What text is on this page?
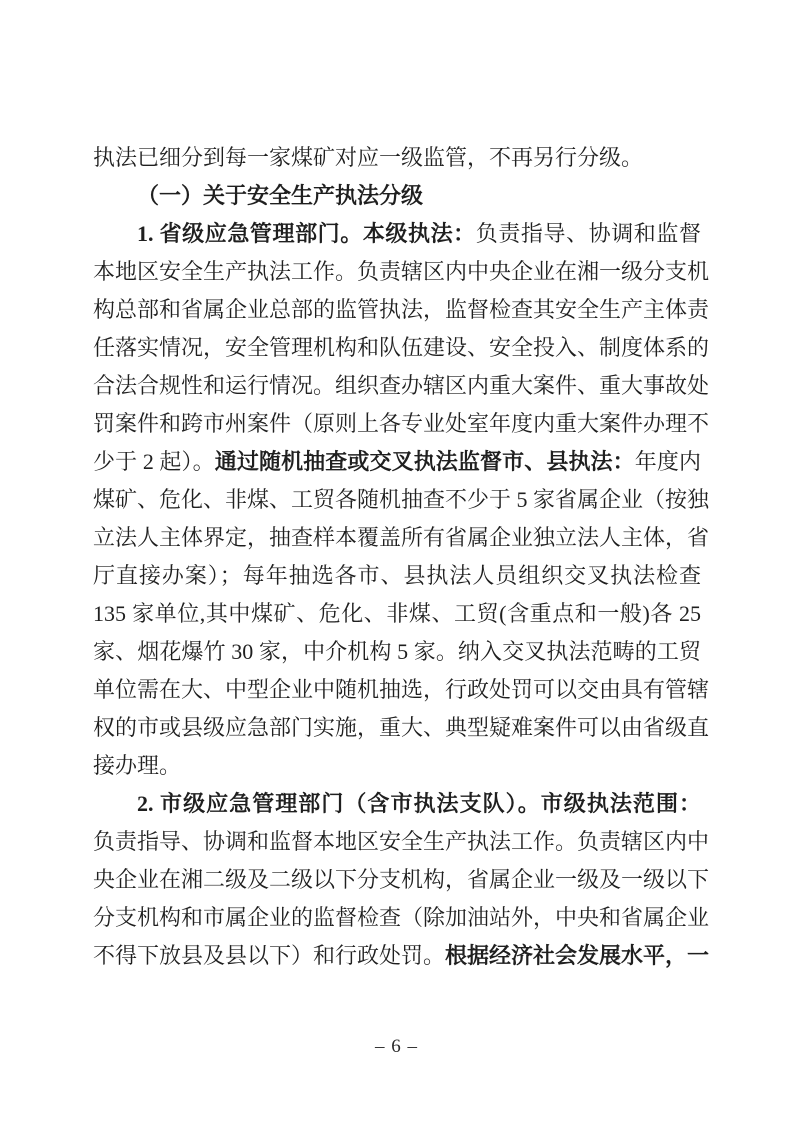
执法已细分到每一家煤矿对应一级监管，不再另行分级。
（一）关于安全生产执法分级
1. 省级应急管理部门。本级执法：负责指导、协调和监督
本地区安全生产执法工作。负责辖区内中央企业在湘一级分支机
构总部和省属企业总部的监管执法，监督检查其安全生产主体责
任落实情况，安全管理机构和队伍建设、安全投入、制度体系的
合法合规性和运行情况。组织查办辖区内重大案件、重大事故处
罚案件和跨市州案件（原则上各专业处室年度内重大案件办理不
少于 2 起）。通过随机抽查或交叉执法监督市、县执法：年度内
煤矿、危化、非煤、工贸各随机抽查不少于 5 家省属企业（按独
立法人主体界定，抽查样本覆盖所有省属企业独立法人主体，省
厅直接办案）；每年抽选各市、县执法人员组织交叉执法检查
135 家单位,其中煤矿、危化、非煤、工贸(含重点和一般)各 25
家、烟花爆竹 30 家，中介机构 5 家。纳入交叉执法范畴的工贸
单位需在大、中型企业中随机抽选，行政处罚可以交由具有管辖
权的市或县级应急部门实施，重大、典型疑难案件可以由省级直
接办理。
2. 市级应急管理部门（含市执法支队）。市级执法范围：
负责指导、协调和监督本地区安全生产执法工作。负责辖区内中
央企业在湘二级及二级以下分支机构，省属企业一级及一级以下
分支机构和市属企业的监督检查（除加油站外，中央和省属企业
不得下放县及县以下）和行政处罚。根据经济社会发展水平，一
– 6 –
